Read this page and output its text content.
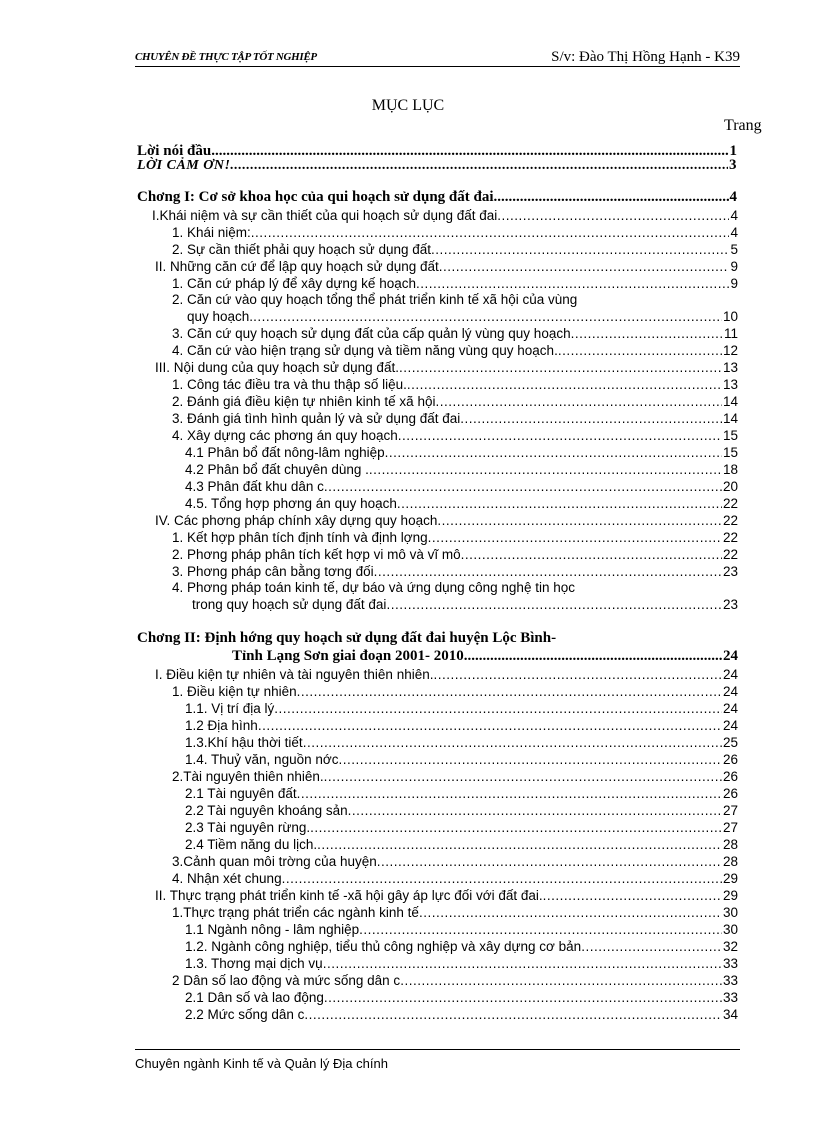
CHUYÊN ĐỀ THỰC TẬP TỐT NGHIỆP	S/v: Đào Thị Hồng Hạnh - K39
MỤC LỤC
Trang
Lời nói đầu .....	1
LỜI CẢM ƠN! .....	3
Chơng I: Cơ sở khoa học của qui hoạch sử dụng đất đai .....	4
I.Khái niệm và sự cần thiết của qui hoạch sử dụng đất đai .....	4
1. Khái niệm: .....	4
2. Sự cần thiết phải quy hoạch sử dụng đất .....	5
II. Những căn cứ để lập quy hoạch sử dụng đất .....	9
1. Căn cứ pháp lý để xây dựng kế hoạch .....	9
2. Căn cứ vào quy hoạch tổng thể phát triển kinh tế xã hội của vùng
quy hoạch. .....	10
3. Căn cứ quy hoạch sử dụng đất của cấp quản lý vùng quy hoạch .....	11
4. Căn cứ vào hiện trạng sử dụng và tiềm năng vùng quy hoạch. .....	12
III. Nội dung của quy hoạch sử dụng đất. .....	13
1. Công tác điều tra và thu thập số liệu. .....	13
2. Đánh giá điều kiện tự nhiên kinh tế xã hội .....	14
3. Đánh giá tình hình quản lý và sử dụng đất đai .....	14
4. Xây dựng các phơng án quy hoạch .....	15
4.1 Phân bổ đất nông-lâm nghiệp .....	15
4.2 Phân bổ đất chuyên dùng . .....	18
4.3 Phân đất khu dân c .....	20
4.5. Tổng hợp phơng án quy hoạch .....	22
IV. Các phơng pháp chính xây dựng quy hoạch .....	22
1. Kết hợp phân tích định tính và định lợng .....	22
2. Phơng pháp phân tích kết hợp vi mô và vĩ mô .....	22
3. Phơng pháp cân bằng tơng đối .....	23
4. Phơng pháp toán kinh tế, dự báo và ứng dụng công nghệ tin học
trong quy hoạch sử dụng đất đai .....	23
Chơng II: Định hớng quy hoạch sử dụng đất đai huyện Lộc Bình-
Tỉnh Lạng Sơn giai đoạn 2001- 2010 .....	24
I. Điều kiện tự nhiên và tài nguyên thiên nhiên. .....	24
1. Điều kiện tự nhiên .....	24
1.1. Vị trí địa lý .....	24
1.2 Địa hình .....	24
1.3.Khí hậu thời tiết .....	25
1.4. Thuỷ văn, nguồn nớc .....	26
2.Tài nguyên thiên nhiên. .....	26
2.1 Tài nguyên đất .....	26
2.2 Tài nguyên khoáng sản .....	27
2.3 Tài nguyên rừng. .....	27
2.4 Tiềm năng du lịch. .....	28
3.Cảnh quan môi trờng của huyện .....	28
4. Nhận xét chung .....	29
II. Thực trạng phát triển kinh tế -xã hội gây áp lực đối với đất đai. .....	29
1.Thực trạng phát triển các ngành kinh tế .....	30
1.1 Ngành nông - lâm nghiệp .....	30
1.2. Ngành công nghiệp, tiểu thủ công nghiệp và xây dựng cơ bản .....	32
1.3. Thơng mại dịch vụ .....	33
2 Dân số lao động và mức sống dân c .....	33
2.1 Dân số và lao động .....	33
2.2 Mức sống dân c .....	34
Chuyên ngành Kinh tế và Quản lý Địa chính
